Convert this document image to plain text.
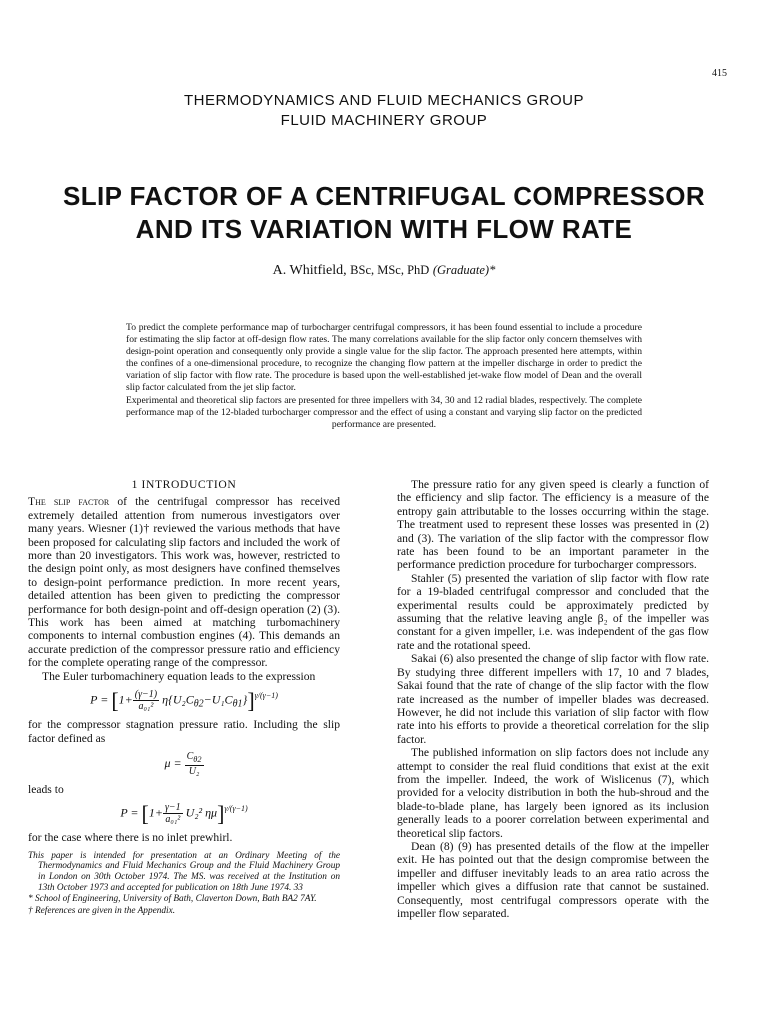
415
THERMODYNAMICS AND FLUID MECHANICS GROUP
FLUID MACHINERY GROUP
SLIP FACTOR OF A CENTRIFUGAL COMPRESSOR
AND ITS VARIATION WITH FLOW RATE
A. Whitfield, BSc, MSc, PhD (Graduate)*

To predict the complete performance map of turbocharger centrifugal compressors, it has been found essential to include a procedure for estimating the slip factor at off-design flow rates. The many correlations available for the slip factor only concern themselves with design-point operation and consequently only provide a single value for the slip factor. The approach presented here attempts, within the confines of a one-dimensional procedure, to recognize the changing flow pattern at the impeller discharge in order to predict the variation of slip factor with flow rate. The procedure is based upon the well-established jet-wake flow model of Dean and the overall slip factor calculated from the jet slip factor.

Experimental and theoretical slip factors are presented for three impellers with 34, 30 and 12 radial blades, respectively. The complete performance map of the 12-bladed turbocharger compressor and the effect of using a constant and varying slip factor on the predicted performance are presented.

1 INTRODUCTION

The slip factor of the centrifugal compressor has received extremely detailed attention from numerous investigators over many years. Wiesner (1)† reviewed the various methods that have been proposed for calculating slip factors and included the work of more than 20 investigators. This work was, however, restricted to the design point only, as most designers have confined themselves to design-point performance prediction. In more recent years, detailed attention has been given to predicting the compressor performance for both design-point and off-design operation (2) (3). This work has been aimed at matching turbomachinery components to internal combustion engines (4). This demands an accurate prediction of the compressor pressure ratio and efficiency for the complete operating range of the compressor.

The Euler turbomachinery equation leads to the expression

$P = [1+ \frac{(\gamma-1)}{\text{a₀₁²}} \eta\{U_2C_{\theta 2}-U_1C_{\theta 1}\}]^{\gamma/(\gamma-1)}$

for the compressor stagnation pressure ratio. Including the slip factor defined as

$\mu = \frac{C_{\theta 2}}{\text{U₂}}$

leads to

$P = [1+ \frac{\gamma-1}{\text{a₀₁²}} U_2^2$ ημ]$^{\gamma/(\gamma-1)}$

for the case where there is no inlet prewhirl.

This paper is intended for presentation at an Ordinary Meeting of the Thermodynamics and Fluid Mechanics Group and the Fluid Machinery Group in London on 30th October 1974. The MS. was received at the Institution on 13th October 1973 and accepted for publication on 18th June 1974. 33

* School of Engineering, University of Bath, Claverton Down, Bath BA2 7AY.

† References are given in the Appendix.

The pressure ratio for any given speed is clearly a function of the efficiency and slip factor. The efficiency is a measure of the entropy gain attributable to the losses occurring within the stage. The treatment used to represent these losses was presented in (2) and (3). The variation of the slip factor with the compressor flow rate has been found to be an important parameter in the performance prediction procedure for turbocharger compressors.

Stahler (5) presented the variation of slip factor with flow rate for a 19-bladed centrifugal compressor and concluded that the experimental results could be approximately predicted by assuming that the relative leaving angle β₂ of the impeller was constant for a given impeller, i.e. was independent of the gas flow rate and the rotational speed.

Sakai (6) also presented the change of slip factor with flow rate. By studying three different impellers with 17, 10 and 7 blades, Sakai found that the rate of change of the slip factor with the flow rate increased as the number of impeller blades was decreased. However, he did not include this variation of slip factor with flow rate into his efforts to provide a theoretical correlation for the slip factor.

The published information on slip factors does not include any attempt to consider the real fluid conditions that exist at the exit from the impeller. Indeed, the work of Wislicenus (7), which provided for a velocity distribution in both the hub-shroud and the blade-to-blade plane, has largely been ignored as its inclusion generally leads to a poorer correlation between experimental and theoretical slip factors.

Dean (8) (9) has presented details of the flow at the impeller exit. He has pointed out that the design compromise between the impeller and diffuser inevitably leads to an area ratio across the impeller which gives a diffusion rate that cannot be sustained. Consequently, most centrifugal compressors operate with the impeller flow separated.
